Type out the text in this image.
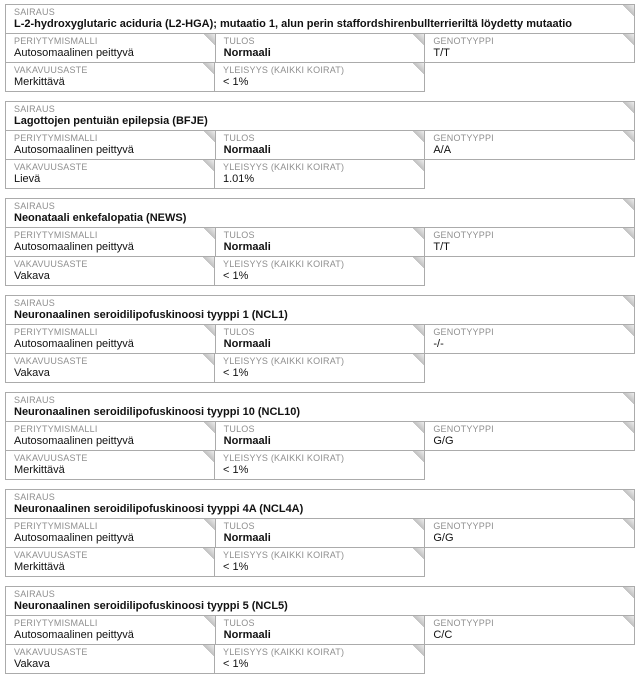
SAIRAUS
L-2-hydroxyglutaric aciduria (L2-HGA); mutaatio 1, alun perin staffordshirenbullterrieriltä löydetty mutaatio
PERIYTYMISMALLI
Autosomaalinen peittyvä
TULOS
Normaali
GENOTYYPPI
T/T
VAKAVUUSASTE
Merkittävä
YLEISYYS (KAIKKI KOIRAT)
< 1%
SAIRAUS
Lagottojen pentuiän epilepsia (BFJE)
PERIYTYMISMALLI
Autosomaalinen peittyvä
TULOS
Normaali
GENOTYYPPI
A/A
VAKAVUUSASTE
Lievä
YLEISYYS (KAIKKI KOIRAT)
1.01%
SAIRAUS
Neonataali enkefalopatia (NEWS)
PERIYTYMISMALLI
Autosomaalinen peittyvä
TULOS
Normaali
GENOTYYPPI
T/T
VAKAVUUSASTE
Vakava
YLEISYYS (KAIKKI KOIRAT)
< 1%
SAIRAUS
Neuronaalinen seroidilipofuskinoosi tyyppi 1 (NCL1)
PERIYTYMISMALLI
Autosomaalinen peittyvä
TULOS
Normaali
GENOTYYPPI
-/-
VAKAVUUSASTE
Vakava
YLEISYYS (KAIKKI KOIRAT)
< 1%
SAIRAUS
Neuronaalinen seroidilipofuskinoosi tyyppi 10 (NCL10)
PERIYTYMISMALLI
Autosomaalinen peittyvä
TULOS
Normaali
GENOTYYPPI
G/G
VAKAVUUSASTE
Merkittävä
YLEISYYS (KAIKKI KOIRAT)
< 1%
SAIRAUS
Neuronaalinen seroidilipofuskinoosi tyyppi 4A (NCL4A)
PERIYTYMISMALLI
Autosomaalinen peittyvä
TULOS
Normaali
GENOTYYPPI
G/G
VAKAVUUSASTE
Merkittävä
YLEISYYS (KAIKKI KOIRAT)
< 1%
SAIRAUS
Neuronaalinen seroidilipofuskinoosi tyyppi 5 (NCL5)
PERIYTYMISMALLI
Autosomaalinen peittyvä
TULOS
Normaali
GENOTYYPPI
C/C
VAKAVUUSASTE
Vakava
YLEISYYS (KAIKKI KOIRAT)
< 1%
